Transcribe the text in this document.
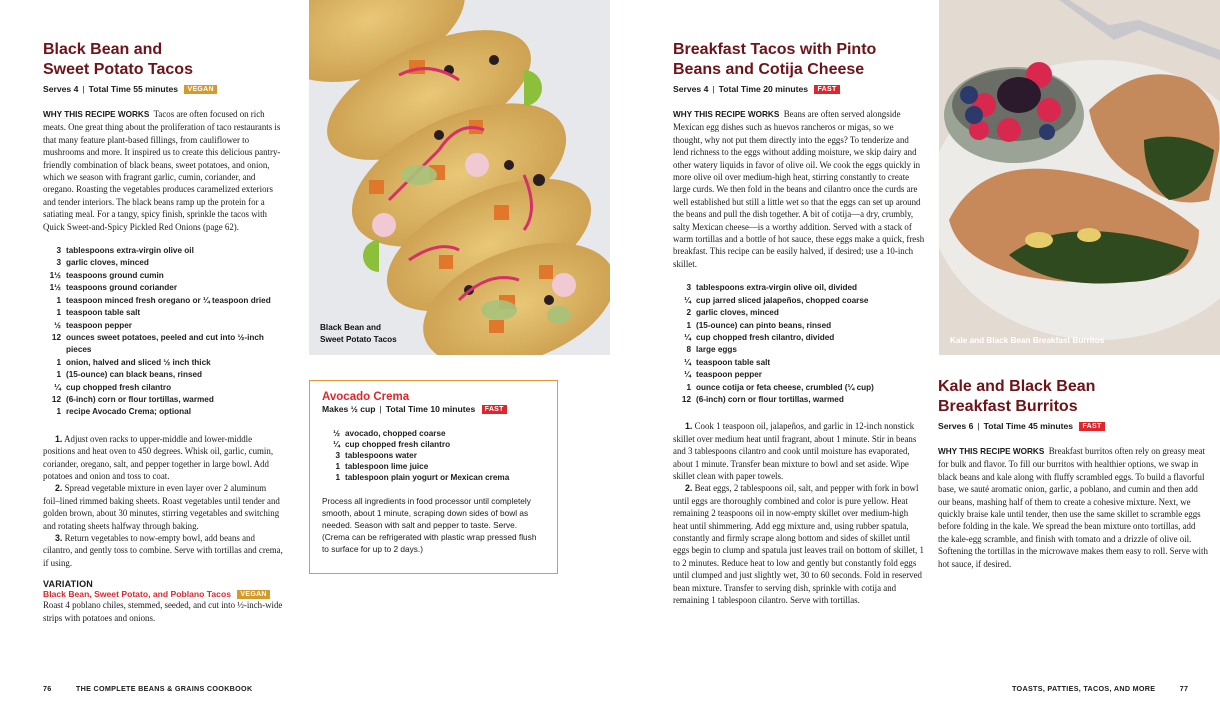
Black Bean and
Sweet Potato Tacos
Serves 4 | Total Time 55 minutes VEGAN

WHY THIS RECIPE WORKS Tacos are often focused on rich meats. One great thing about the proliferation of taco restaurants is that many feature plant-based fillings, from cauliflower to mushrooms and more. It inspired us to create this delicious pantry-friendly combination of black beans, sweet potatoes, and onion, which we season with fragrant garlic, cumin, coriander, and oregano. Roasting the vegetables produces caramelized exteriors and tender interiors. The black beans ramp up the protein for a satiating meal. For a tangy, spicy finish, sprinkle the tacos with Quick Sweet-and-Spicy Pickled Red Onions (page 62).

3 tablespoons extra-virgin olive oil
3 garlic cloves, minced
1½ teaspoons ground cumin
1½ teaspoons ground coriander
1 teaspoon minced fresh oregano or ¼ teaspoon dried
1 teaspoon table salt
½ teaspoon pepper
12 ounces sweet potatoes, peeled and cut into ½-inch pieces
1 onion, halved and sliced ½ inch thick
1 (15-ounce) can black beans, rinsed
¼ cup chopped fresh cilantro
12 (6-inch) corn or flour tortillas, warmed
1 recipe Avocado Crema; optional

1. Adjust oven racks to upper-middle and lower-middle positions and heat oven to 450 degrees. Whisk oil, garlic, cumin, coriander, oregano, salt, and pepper together in large bowl. Add potatoes and onion and toss to coat.

2. Spread vegetable mixture in even layer over 2 aluminum foil–lined rimmed baking sheets. Roast vegetables until tender and golden brown, about 30 minutes, stirring vegetables and switching and rotating sheets halfway through baking.

3. Return vegetables to now-empty bowl, add beans and cilantro, and gently toss to combine. Serve with tortillas and crema, if using.

VARIATION
Black Bean, Sweet Potato, and Poblano Tacos VEGAN

Roast 4 poblano chiles, stemmed, seeded, and cut into ½-inch-wide strips with potatoes and onions.

Black Bean and
Sweet Potato Tacos
Avocado Crema
Makes ½ cup | Total Time 10 minutes FAST
½ avocado, chopped coarse
¼ cup chopped fresh cilantro
3 tablespoons water
1 tablespoon lime juice
1 tablespoon plain yogurt or Mexican crema

Process all ingredients in food processor until completely smooth, about 1 minute, scraping down sides of bowl as needed. Season with salt and pepper to taste. Serve. (Crema can be refrigerated with plastic wrap pressed flush to surface for up to 2 days.)

76	THE COMPLETE BEANS & GRAINS COOKBOOK
Breakfast Tacos with Pinto
Beans and Cotija Cheese
Serves 4 | Total Time 20 minutes FAST

WHY THIS RECIPE WORKS Beans are often served alongside Mexican egg dishes such as huevos rancheros or migas, so we thought, why not put them directly into the eggs? To tenderize and lend richness to the eggs without adding moisture, we skip dairy and other watery liquids in favor of olive oil. We cook the eggs quickly in more olive oil over medium-high heat, stirring constantly to create large curds. We then fold in the beans and cilantro once the curds are well established but still a little wet so that the eggs can set up around the beans and pull the dish together. A bit of cotija—a dry, crumbly, salty Mexican cheese—is a worthy addition. Served with a stack of warm tortillas and a bottle of hot sauce, these eggs make a quick, fresh breakfast. This recipe can be easily halved, if desired; use a 10-inch skillet.

3 tablespoons extra-virgin olive oil, divided
¼ cup jarred sliced jalapeños, chopped coarse
2 garlic cloves, minced
1 (15-ounce) can pinto beans, rinsed
¼ cup chopped fresh cilantro, divided
8 large eggs
¼ teaspoon table salt
¼ teaspoon pepper
1 ounce cotija or feta cheese, crumbled (¼ cup)
12 (6-inch) corn or flour tortillas, warmed

1. Cook 1 teaspoon oil, jalapeños, and garlic in 12-inch nonstick skillet over medium heat until fragrant, about 1 minute. Stir in beans and 3 tablespoons cilantro and cook until moisture has evaporated, about 1 minute. Transfer bean mixture to bowl and set aside. Wipe skillet clean with paper towels.

2. Beat eggs, 2 tablespoons oil, salt, and pepper with fork in bowl until eggs are thoroughly combined and color is pure yellow. Heat remaining 2 teaspoons oil in now-empty skillet over medium-high heat until shimmering. Add egg mixture and, using rubber spatula, constantly and firmly scrape along bottom and sides of skillet until eggs begin to clump and spatula just leaves trail on bottom of skillet, 1 to 2 minutes. Reduce heat to low and gently but constantly fold eggs until clumped and just slightly wet, 30 to 60 seconds. Fold in reserved bean mixture. Transfer to serving dish, sprinkle with cotija and remaining 1 tablespoon cilantro. Serve with tortillas.

Kale and Black Bean Breakfast Burritos
Kale and Black Bean
Breakfast Burritos
Serves 6 | Total Time 45 minutes FAST

WHY THIS RECIPE WORKS Breakfast burritos often rely on greasy meat for bulk and flavor. To fill our burritos with healthier options, we swap in black beans and kale along with fluffy scrambled eggs. To build a flavorful base, we sauté aromatic onion, garlic, a poblano, and cumin and then add our beans, mashing half of them to create a cohesive mixture. Next, we quickly braise kale until tender, then use the same skillet to scramble eggs before folding in the kale. We spread the bean mixture onto tortillas, add the kale-egg scramble, and finish with tomato and a drizzle of olive oil. Softening the tortillas in the microwave makes them easy to roll. Serve with hot sauce, if desired.

TOASTS, PATTIES, TACOS, AND MORE	77
